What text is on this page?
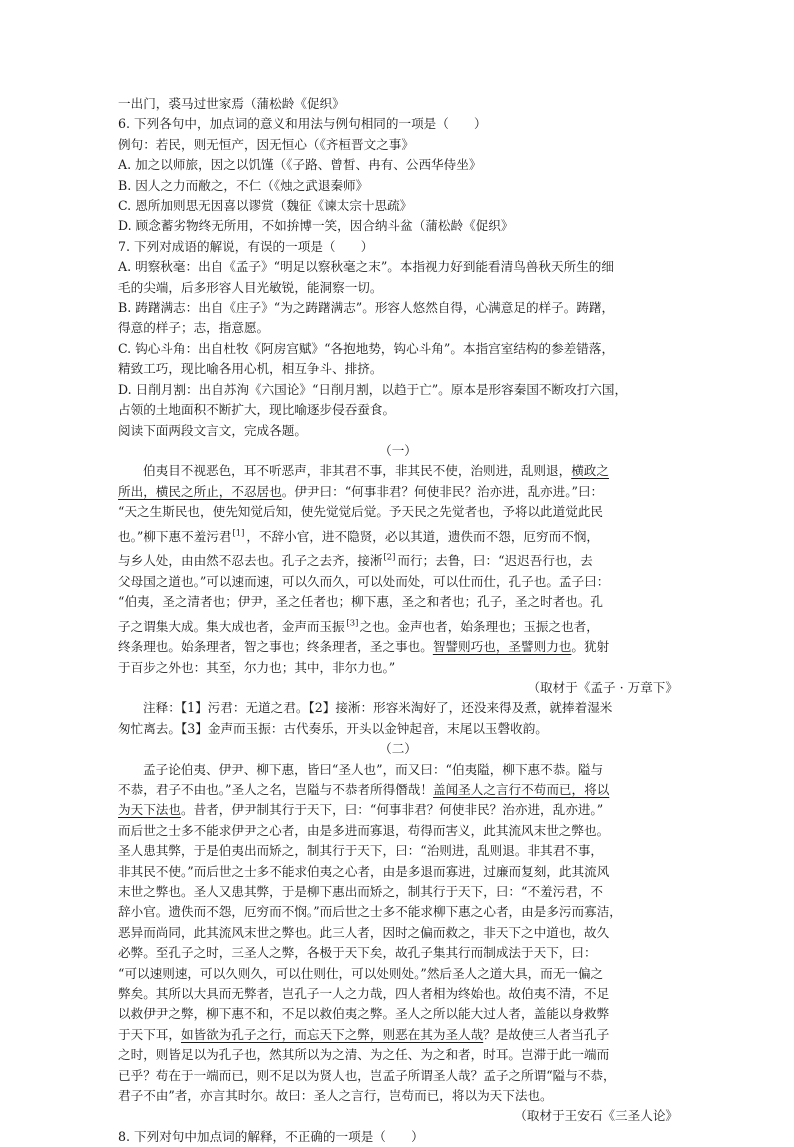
一出门，裘马过世家焉（蒲松龄《促织》

6. 下列各句中，加点词的意义和用法与例句相同的一项是（　　）

例句：若民，则无恒产，因无恒心（《齐桓晋文之事》

A. 加之以师旅，因之以饥馑（《子路、曾皙、冉有、公西华侍坐》

B. 因人之力而敝之，不仁（《烛之武退秦师》

C. 恩所加则思无因喜以谬赏（魏征《谏太宗十思疏》

D. 顾念蓄劣物终无所用，不如拚博一笑，因合纳斗盆（蒲松龄《促织》

7. 下列对成语的解说，有误的一项是（　　）

A. 明察秋毫：出自《孟子》“明足以察秋毫之末”。本指视力好到能看清鸟兽秋天所生的细

毛的尖端，后多形容人目光敏锐，能洞察一切。

B. 踌躇满志：出自《庄子》“为之踌躇满志”。形容人悠然自得，心满意足的样子。踌躇，

得意的样子；志，指意愿。

C. 钩心斗角：出自杜牧《阿房宫赋》“各抱地势，钩心斗角”。本指宫室结构的参差错落，

精致工巧，现比喻各用心机，相互争斗、排挤。

D. 日削月割：出自苏洵《六国论》“日削月割，以趋于亡”。原本是形容秦国不断攻打六国，

占领的土地面积不断扩大，现比喻逐步侵吞蚕食。

阅读下面两段文言文，完成各题。

（一）

伯夷目不视恶色，耳不听恶声，非其君不事，非其民不使，治则进，乱则退，横政之

所出，横民之所止，不忍居也。伊尹曰：“何事非君？何使非民？治亦进，乱亦进。”曰：

“天之生斯民也，使先知觉后知，使先觉觉后觉。予天民之先觉者也，予将以此道觉此民

也。”柳下惠不羞污君[1]，不辞小官，进不隐贤，必以其道，遗佚而不怨，厄穷而不悯，

与乡人处，由由然不忍去也。孔子之去齐，接淅[2]而行；去鲁，曰：“迟迟吾行也，去

父母国之道也。”可以速而速，可以久而久，可以处而处，可以仕而仕，孔子也。孟子曰：

“伯夷，圣之清者也；伊尹，圣之任者也；柳下惠，圣之和者也；孔子，圣之时者也。孔

子之谓集大成。集大成也者，金声而玉振[3]之也。金声也者，始条理也；玉振之也者，

终条理也。始条理者，智之事也；终条理者，圣之事也。智譬则巧也，圣譬则力也。犹射

于百步之外也：其至，尔力也；其中，非尔力也。”

（取材于《孟子 · 万章下》

注释：【1】污君：无道之君。【2】接淅：形容米淘好了，还没来得及煮，就捧着湿米

匆忙离去。【3】金声而玉振：古代奏乐，开头以金钟起音，末尾以玉磬收韵。

（二）

孟子论伯夷、伊尹、柳下惠，皆曰“圣人也”，而又曰：“伯夷隘，柳下惠不恭。隘与

不恭，君子不由也。”圣人之名，岂隘与不恭者所得僭哉！盖闻圣人之言行不苟而已，将以

为天下法也。昔者，伊尹制其行于天下，曰：“何事非君？何使非民？治亦进，乱亦进。”

而后世之士多不能求伊尹之心者，由是多进而寡退，苟得而害义，此其流风末世之弊也。

圣人患其弊，于是伯夷出而矫之，制其行于天下，曰：“治则进，乱则退。非其君不事，

非其民不使。”而后世之士多不能求伯夷之心者，由是多退而寡进，过廉而复刻，此其流风

末世之弊也。圣人又患其弊，于是柳下惠出而矫之，制其行于天下，曰：“不羞污君，不

辞小官。遗佚而不怨，厄穷而不悯。”而后世之士多不能求柳下惠之心者，由是多污而寡洁，

恶异而尚同，此其流风末世之弊也。此三人者，因时之偏而救之，非天下之中道也，故久

必弊。至孔子之时，三圣人之弊，各极于天下矣，故孔子集其行而制成法于天下，曰：

“可以速则速，可以久则久，可以仕则仕，可以处则处。”然后圣人之道大具，而无一偏之

弊矣。其所以大具而无弊者，岂孔子一人之力哉，四人者相为终始也。故伯夷不清，不足

以救伊尹之弊，柳下惠不和，不足以救伯夷之弊。圣人之所以能大过人者，盖能以身救弊

于天下耳，如皆欲为孔子之行，而忘天下之弊，则恶在其为圣人哉？是故使三人者当孔子

之时，则皆足以为孔子也，然其所以为之清、为之任、为之和者，时耳。岂滞于此一端而

已乎？苟在于一端而已，则不足以为贤人也，岂孟子所谓圣人哉？孟子之所谓“隘与不恭，

君子不由”者，亦言其时尔。故曰：圣人之言行，岂苟而已，将以为天下法也。

（取材于王安石《三圣人论》

8. 下列对句中加点词的解释，不正确的一项是（　　）
